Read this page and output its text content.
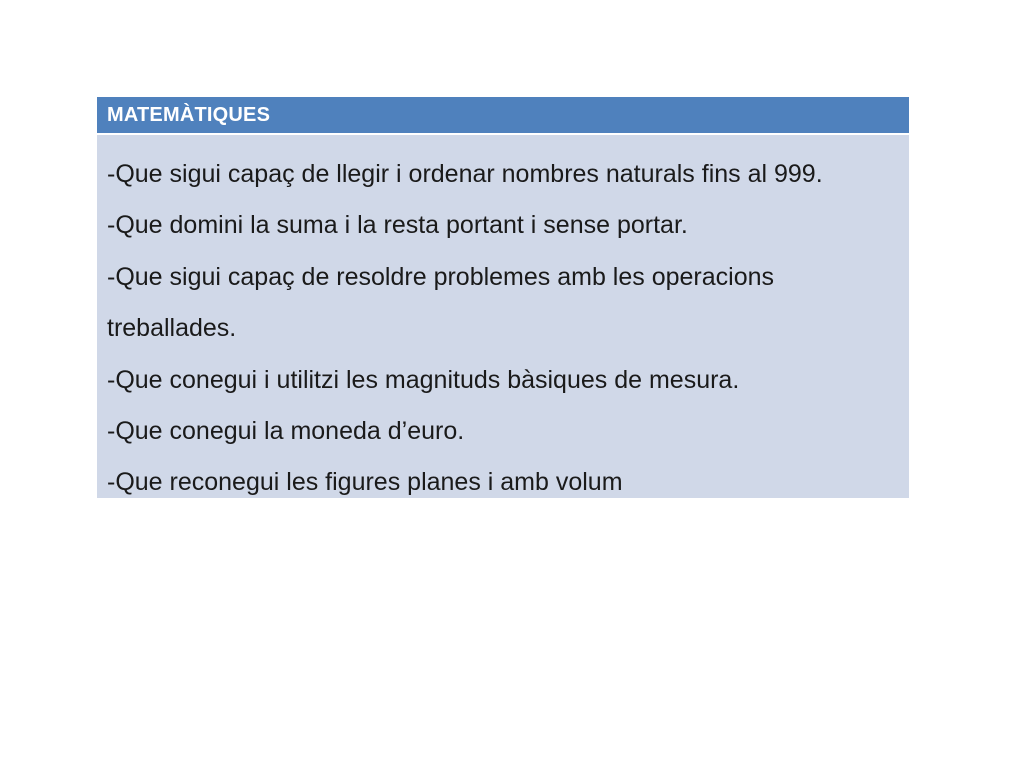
MATEMÀTIQUES
-Que sigui capaç de llegir i ordenar nombres naturals fins al 999.
-Que domini la suma i la resta portant i sense portar.
-Que sigui capaç de resoldre problemes amb les operacions
treballades.
-Que conegui i utilitzi les magnituds bàsiques de mesura.
-Que conegui la moneda d’euro.
-Que reconegui les figures planes i amb volum
